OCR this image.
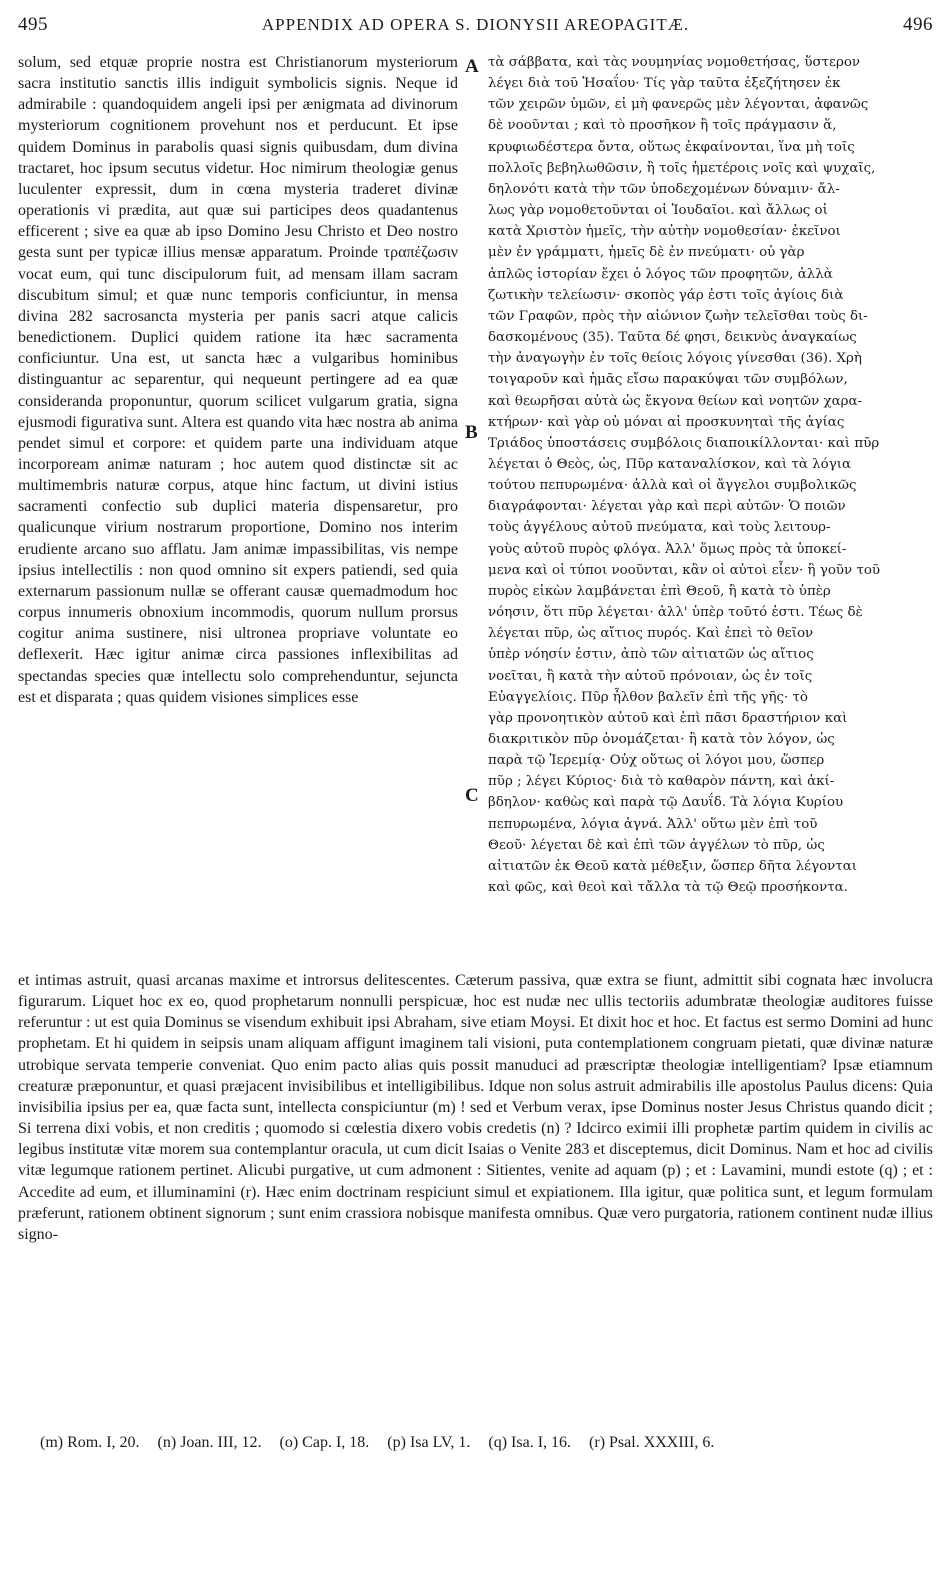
495	APPENDIX AD OPERA S. DIONYSII AREOPAGITÆ.	496

solum, sed etquæ proprie nostra est Christianorum mysteriorum sacra institutio sanctis illis indiguit symbolicis signis. Neque id admirabile : quandoquidem angeli ipsi per ænigmata ad divinorum mysteriorum cognitionem provehunt nos et perducunt. Et ipse quidem Dominus in parabolis quasi signis quibusdam, dum divina tractaret, hoc ipsum secutus videtur. Hoc nimirum theologiæ genus luculenter expressit, dum in cœna mysteria traderet divinæ operationis vi prædita, aut quæ sui participes deos quadantenus efficerent ; sive ea quæ ab ipso Domino Jesu Christo et Deo nostro gesta sunt per typicæ illius mensæ apparatum. Proinde τραπέζωσιν vocat eum, qui tunc discipulorum fuit, ad mensam illam sacram discubitum simul; et quæ nunc temporis conficiuntur, in mensa divina 282 sacrosancta mysteria per panis sacri atque calicis benedictionem. Duplici quidem ratione ita hæc sacramenta conficiuntur. Una est, ut sancta hæc a vulgaribus hominibus distinguantur ac separentur, qui nequeunt pertingere ad ea quæ consideranda proponuntur, quorum scilicet vulgarum gratia, signa ejusmodi figurativa sunt. Altera est quando vita hæc nostra ab anima pendet simul et corpore: et quidem parte una individuam atque incorpoream animæ naturam ; hoc autem quod distinctæ sit ac multimembris naturæ corpus, atque hinc factum, ut divini istius sacramenti confectio sub duplici materia dispensaretur, pro qualicunque virium nostrarum proportione, Domino nos interim erudiente arcano suo afflatu. Jam animæ impassibilitas, vis nempe ipsius intellectilis : non quod omnino sit expers patiendi, sed quia externarum passionum nullæ se offerant causæ quemadmodum hoc corpus innumeris obnoxium incommodis, quorum nullum prorsus cogitur anima sustinere, nisi ultronea propriave voluntate eo deflexerit. Hæc igitur animæ circa passiones inflexibilitas ad spectandas species quæ intellectu solo comprehenduntur, sejuncta est et disparata ; quas quidem visiones simplices esse

A
B
C

τὰ σάββατα, καὶ τὰς νουμηνίας νομοθετήσας, ὕστερον
λέγει διὰ τοῦ Ἡσαΐου· Τίς γὰρ ταῦτα ἐξεζήτησεν ἐκ
τῶν χειρῶν ὑμῶν, εἰ μὴ φανερῶς μὲν λέγονται, ἀφανῶς
δὲ νοοῦνται ; καὶ τὸ προσῆκον ἢ τοῖς πράγμασιν ἅ,
κρυφιωδέστερα ὄντα, οὕτως ἐκφαίνονται, ἵνα μὴ τοῖς
πολλοῖς βεβηλωθῶσιν, ἢ τοῖς ἡμετέροις νοῖς καὶ ψυχαῖς,
δηλονότι κατὰ τὴν τῶν ὑποδεχομένων δύναμιν· ἄλ-
λως γὰρ νομοθετοῦνται οἱ Ἰουδαῖοι. καὶ ἄλλως οἱ
κατὰ Χριστὸν ἡμεῖς, τὴν αὐτὴν νομοθεσίαν· ἐκεῖνοι
μὲν ἐν γράμματι, ἡμεῖς δὲ ἐν πνεύματι· οὐ γὰρ
ἁπλῶς ἱστορίαν ἔχει ὁ λόγος τῶν προφητῶν, ἀλλὰ
ζωτικὴν τελείωσιν· σκοπὸς γάρ ἐστι τοῖς ἁγίοις διὰ
τῶν Γραφῶν, πρὸς τὴν αἰώνιον ζωὴν τελεῖσθαι τοὺς δι-
δασκομένους (35). Ταῦτα δέ φησι, δεικνὺς ἀναγκαίως
τὴν ἀναγωγὴν ἐν τοῖς θείοις λόγοις γίνεσθαι (36). Χρὴ
τοιγαροῦν καὶ ἡμᾶς εἴσω παρακύψαι τῶν συμβόλων,
καὶ θεωρῆσαι αὐτὰ ὡς ἔκγονα θείων καὶ νοητῶν χαρα-
κτήρων· καὶ γὰρ οὐ μόναι αἱ προσκυνηταὶ τῆς ἁγίας
Τριάδος ὑποστάσεις συμβόλοις διαποικίλλονται· καὶ πῦρ
λέγεται ὁ Θεὸς, ὡς, Πῦρ καταναλίσκον, καὶ τὰ λόγια
τούτου πεπυρωμένα· ἀλλὰ καὶ οἱ ἄγγελοι συμβολικῶς
διαγράφονται· λέγεται γὰρ καὶ περὶ αὐτῶν· Ὁ ποιῶν
τοὺς ἀγγέλους αὐτοῦ πνεύματα, καὶ τοὺς λειτουρ-
γοὺς αὐτοῦ πυρὸς φλόγα. Ἀλλ' ὅμως πρὸς τὰ ὑποκεί-
μενα καὶ οἱ τύποι νοοῦνται, κἂν οἱ αὐτοὶ εἶεν· ἢ γοῦν τοῦ
πυρὸς εἰκὼν λαμβάνεται ἐπὶ Θεοῦ, ἢ κατὰ τὸ ὑπὲρ
νόησιν, ὅτι πῦρ λέγεται· ἀλλ' ὑπὲρ τοῦτό ἐστι. Τέως δὲ
λέγεται πῦρ, ὡς αἴτιος πυρός. Καὶ ἐπεὶ τὸ θεῖον
ὑπὲρ νόησίν ἐστιν, ἀπὸ τῶν αἰτιατῶν ὡς αἴτιος
νοεῖται, ἢ κατὰ τὴν αὐτοῦ πρόνοιαν, ὡς ἐν τοῖς
Εὐαγγελίοις. Πῦρ ἦλθον βαλεῖν ἐπὶ τῆς γῆς· τὸ
γὰρ προνοητικὸν αὐτοῦ καὶ ἐπὶ πᾶσι δραστήριον καὶ
διακριτικὸν πῦρ ὀνομάζεται· ἢ κατὰ τὸν λόγον, ὡς
παρὰ τῷ Ἱερεμίᾳ· Οὐχ οὕτως οἱ λόγοι μου, ὥσπερ
πῦρ ; λέγει Κύριος· διὰ τὸ καθαρὸν πάντη, καὶ ἀκί-
βδηλον· καθὼς καὶ παρὰ τῷ Δαυΐδ. Τὰ λόγια Κυρίου
πεπυρωμένα, λόγια ἁγνά. Ἀλλ' οὕτω μὲν ἐπὶ τοῦ
Θεοῦ· λέγεται δὲ καὶ ἐπὶ τῶν ἀγγέλων τὸ πῦρ, ὡς
αἰτιατῶν ἐκ Θεοῦ κατὰ μέθεξιν, ὥσπερ δῆτα λέγονται
καὶ φῶς, καὶ θεοὶ καὶ τἄλλα τὰ τῷ Θεῷ προσήκοντα.

et intimas astruit, quasi arcanas maxime et introrsus delitescentes. Cæterum passiva, quæ extra se fiunt, admittit sibi cognata hæc involucra figurarum. Liquet hoc ex eo, quod prophetarum nonnulli perspicuæ, hoc est nudæ nec ullis tectoriis adumbratæ theologiæ auditores fuisse referuntur : ut est quia Dominus se visendum exhibuit ipsi Abraham, sive etiam Moysi. Et dixit hoc et hoc. Et factus est sermo Domini ad hunc prophetam. Et hi quidem in seipsis unam aliquam affigunt imaginem tali visioni, puta contemplationem congruam pietati, quæ divinæ naturæ utrobique servata temperie conveniat. Quo enim pacto alias quis possit manuduci ad præscriptæ theologiæ intelligentiam? Ipsæ etiamnum creaturæ præponuntur, et quasi præjacent invisibilibus et intelligibilibus. Idque non solus astruit admirabilis ille apostolus Paulus dicens: Quia invisibilia ipsius per ea, quæ facta sunt, intellecta conspiciuntur (m) ! sed et Verbum verax, ipse Dominus noster Jesus Christus quando dicit ; Si terrena dixi vobis, et non creditis ; quomodo si cœlestia dixero vobis credetis (n) ? Idcirco eximii illi prophetæ partim quidem in civilis ac legibus institutæ vitæ morem sua contemplantur oracula, ut cum dicit Isaias o Venite 283 et disceptemus, dicit Dominus. Nam et hoc ad civilis vitæ legumque rationem pertinet. Alicubi purgative, ut cum admonent : Sitientes, venite ad aquam (p) ; et : Lavamini, mundi estote (q) ; et : Accedite ad eum, et illuminamini (r). Hæc enim doctrinam respiciunt simul et expiationem. Illa igitur, quæ politica sunt, et legum formulam præferunt, rationem obtinent signorum ; sunt enim crassiora nobisque manifesta omnibus. Quæ vero purgatoria, rationem continent nudæ illius signo-

(m) Rom. I, 20. (n) Joan. III, 12. (o) Cap. I, 18. (p) Isa LV, 1. (q) Isa. I, 16. (r) Psal. XXXIII, 6.
